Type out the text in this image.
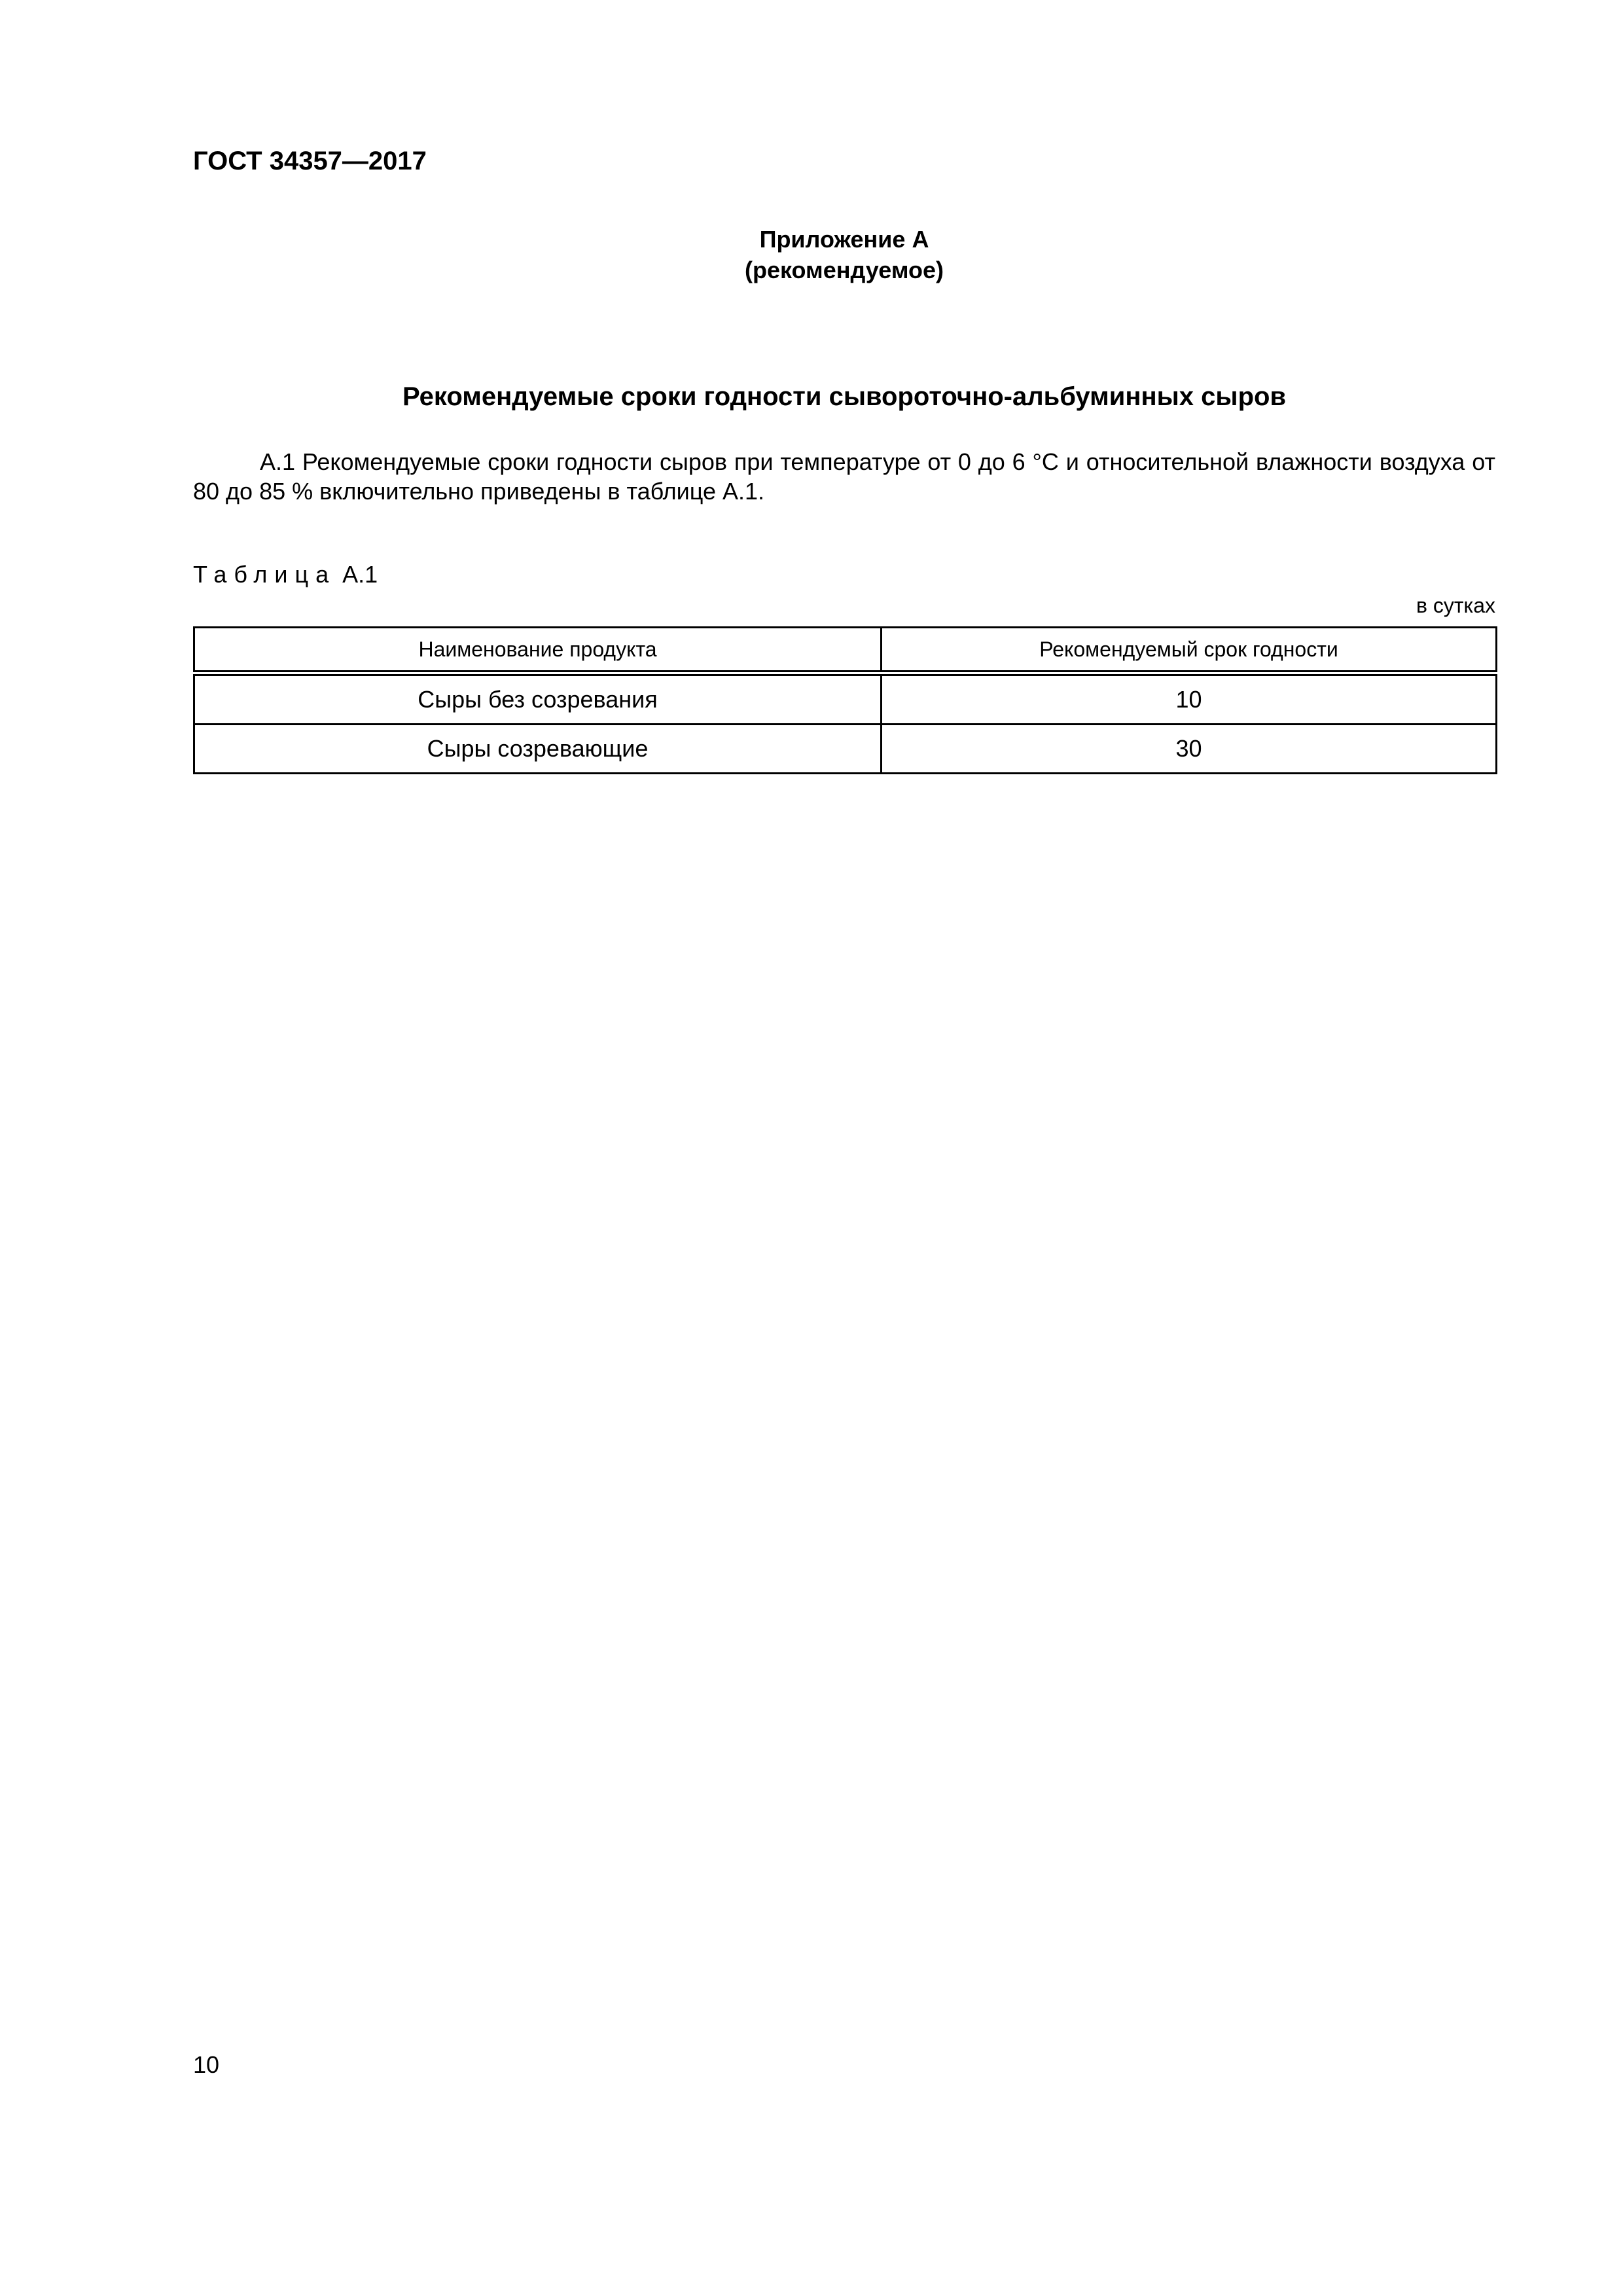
ГОСТ 34357—2017
Приложение А
(рекомендуемое)
Рекомендуемые сроки годности сывороточно-альбуминных сыров

А.1 Рекомендуемые сроки годности сыров при температуре от 0 до 6 °С и относительной влажности воздуха от 80 до 85 % включительно приведены в таблице А.1.

Таблица А.1
в сутках
Наименование продукта	Рекомендуемый срок годности
Сыры без созревания	10
Сыры созревающие	30
10
